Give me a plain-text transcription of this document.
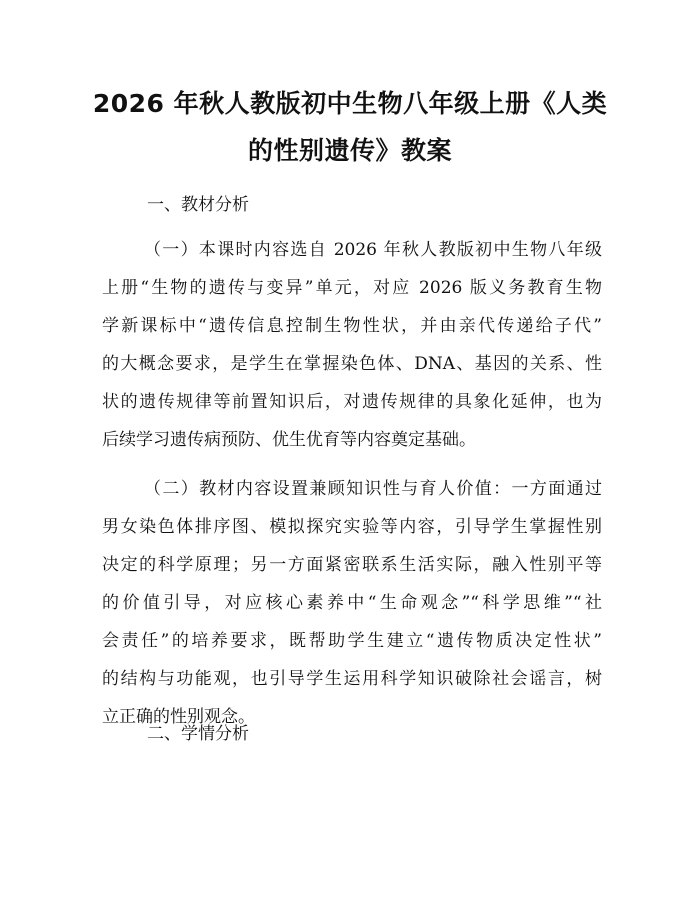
2026 年秋人教版初中生物八年级上册《人类
的性别遗传》教案
一、教材分析
（一）本课时内容选自 2026 年秋人教版初中生物八年级
上册“生物的遗传与变异”单元，对应 2026 版义务教育生物
学新课标中“遗传信息控制生物性状，并由亲代传递给子代”
的大概念要求，是学生在掌握染色体、DNA、基因的关系、性
状的遗传规律等前置知识后，对遗传规律的具象化延伸，也为
后续学习遗传病预防、优生优育等内容奠定基础。
（二）教材内容设置兼顾知识性与育人价值：一方面通过
男女染色体排序图、模拟探究实验等内容，引导学生掌握性别
决定的科学原理；另一方面紧密联系生活实际，融入性别平等
的价值引导，对应核心素养中“生命观念”“科学思维”“社
会责任”的培养要求，既帮助学生建立“遗传物质决定性状”
的结构与功能观，也引导学生运用科学知识破除社会谣言，树
立正确的性别观念。
二、学情分析
